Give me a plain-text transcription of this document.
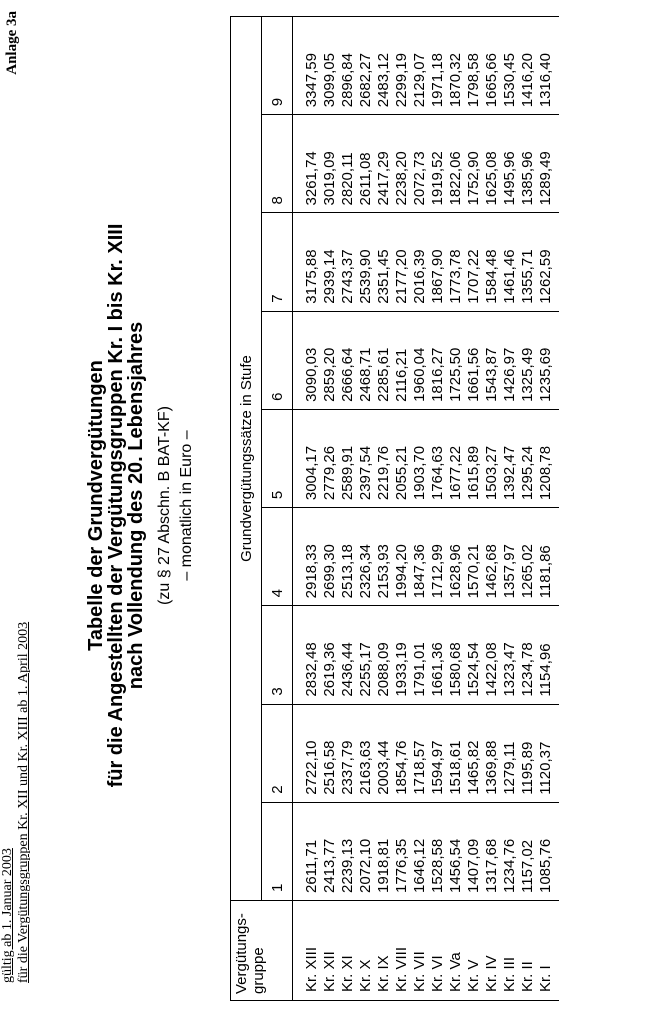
gültig ab 1. Januar 2003 für die Vergütungsgruppen Kr. XII und Kr. XIII ab 1. April 2003
Anlage 3a
Tabelle der Grundvergütungen
für die Angestellten der Vergütungsgruppen Kr. I bis Kr. XIII
nach Vollendung des 20. Lebensjahres (zu § 27 Abschn. B BAT-KF) – monatlich in Euro –
Vergütungs-
gruppe	Grundvergütungssätze in Stufe								
	1	2	3	4	5	6	7	8	9
Kr. XIII	2611,71	2722,10	2832,48	2918,33	3004,17	3090,03	3175,88	3261,74	3347,59
Kr. XII	2413,77	2516,58	2619,36	2699,30	2779,26	2859,20	2939,14	3019,09	3099,05
Kr. XI	2239,13	2337,79	2436,44	2513,18	2589,91	2666,64	2743,37	2820,11	2896,84
Kr. X	2072,10	2163,63	2255,17	2326,34	2397,54	2468,71	2539,90	2611,08	2682,27
Kr. IX	1918,81	2003,44	2088,09	2153,93	2219,76	2285,61	2351,45	2417,29	2483,12
Kr. VIII	1776,35	1854,76	1933,19	1994,20	2055,21	2116,21	2177,20	2238,20	2299,19
Kr. VII	1646,12	1718,57	1791,01	1847,36	1903,70	1960,04	2016,39	2072,73	2129,07
Kr. VI	1528,58	1594,97	1661,36	1712,99	1764,63	1816,27	1867,90	1919,52	1971,18
Kr. Va	1456,54	1518,61	1580,68	1628,96	1677,22	1725,50	1773,78	1822,06	1870,32
Kr. V	1407,09	1465,82	1524,54	1570,21	1615,89	1661,56	1707,22	1752,90	1798,58
Kr. IV	1317,68	1369,88	1422,08	1462,68	1503,27	1543,87	1584,48	1625,08	1665,66
Kr. III	1234,76	1279,11	1323,47	1357,97	1392,47	1426,97	1461,46	1495,96	1530,45
Kr. II	1157,02	1195,89	1234,78	1265,02	1295,24	1325,49	1355,71	1385,96	1416,20
Kr. I	1085,76	1120,37	1154,96	1181,86	1208,78	1235,69	1262,59	1289,49	1316,40
